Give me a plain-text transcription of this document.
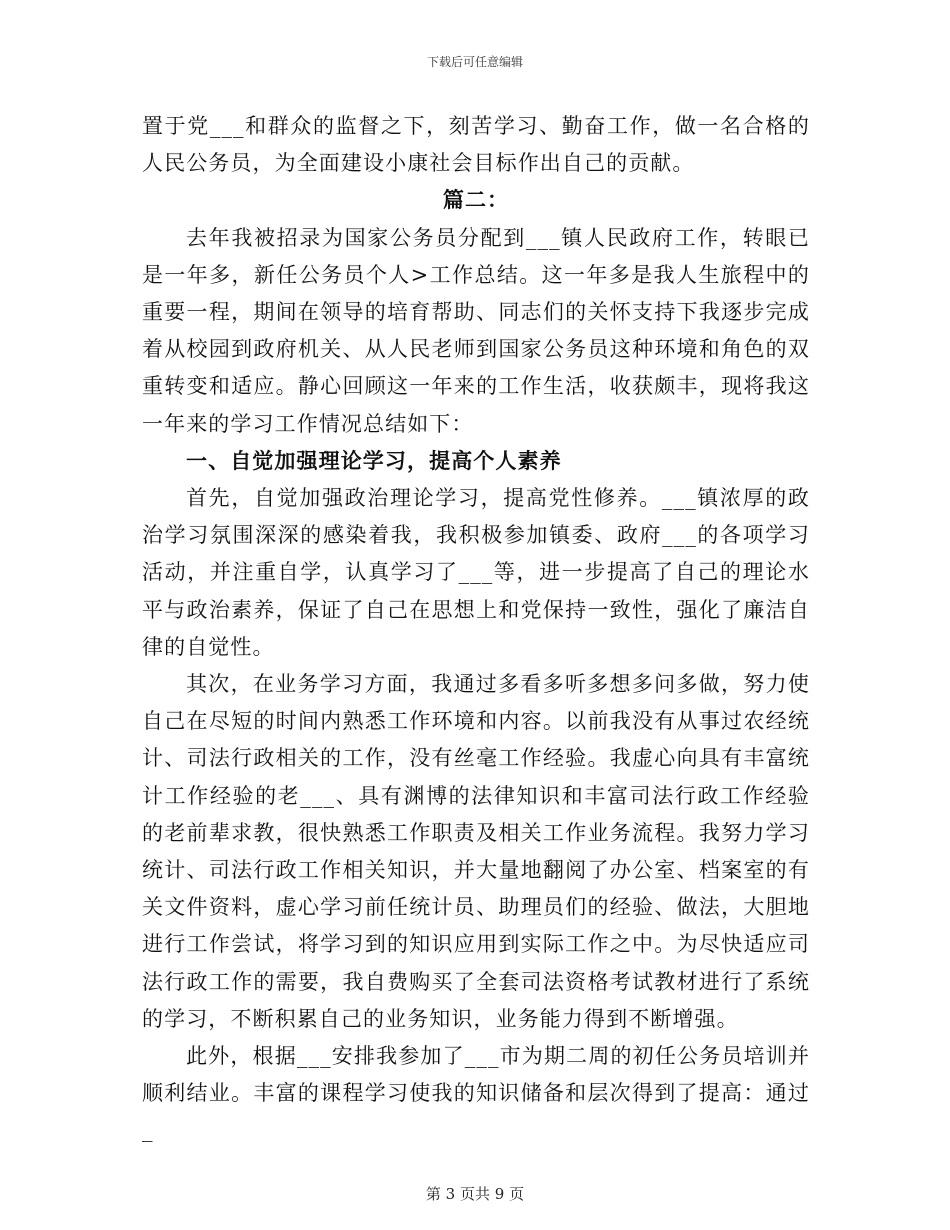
下载后可任意编辑

置于党___和群众的监督之下，刻苦学习、勤奋工作，做一名合格的人民公务员，为全面建设小康社会目标作出自己的贡献。

篇二：

去年我被招录为国家公务员分配到___镇人民政府工作，转眼已是一年多，新任公务员个人>工作总结。这一年多是我人生旅程中的重要一程，期间在领导的培育帮助、同志们的关怀支持下我逐步完成着从校园到政府机关、从人民老师到国家公务员这种环境和角色的双重转变和适应。静心回顾这一年来的工作生活，收获颇丰，现将我这一年来的学习工作情况总结如下：

一、自觉加强理论学习，提高个人素养

首先，自觉加强政治理论学习，提高党性修养。___镇浓厚的政治学习氛围深深的感染着我，我积极参加镇委、政府___的各项学习活动，并注重自学，认真学习了___等，进一步提高了自己的理论水平与政治素养，保证了自己在思想上和党保持一致性，强化了廉洁自律的自觉性。

其次，在业务学习方面，我通过多看多听多想多问多做，努力使自己在尽短的时间内熟悉工作环境和内容。以前我没有从事过农经统计、司法行政相关的工作，没有丝毫工作经验。我虚心向具有丰富统计工作经验的老___、具有渊博的法律知识和丰富司法行政工作经验的老前辈求教，很快熟悉工作职责及相关工作业务流程。我努力学习统计、司法行政工作相关知识，并大量地翻阅了办公室、档案室的有关文件资料，虚心学习前任统计员、助理员们的经验、做法，大胆地进行工作尝试，将学习到的知识应用到实际工作之中。为尽快适应司法行政工作的需要，我自费购买了全套司法资格考试教材进行了系统的学习，不断积累自己的业务知识，业务能力得到不断增强。

此外，根据___安排我参加了___市为期二周的初任公务员培训并顺利结业。丰富的课程学习使我的知识储备和层次得到了提高：通过_

第 3 页共 9 页
